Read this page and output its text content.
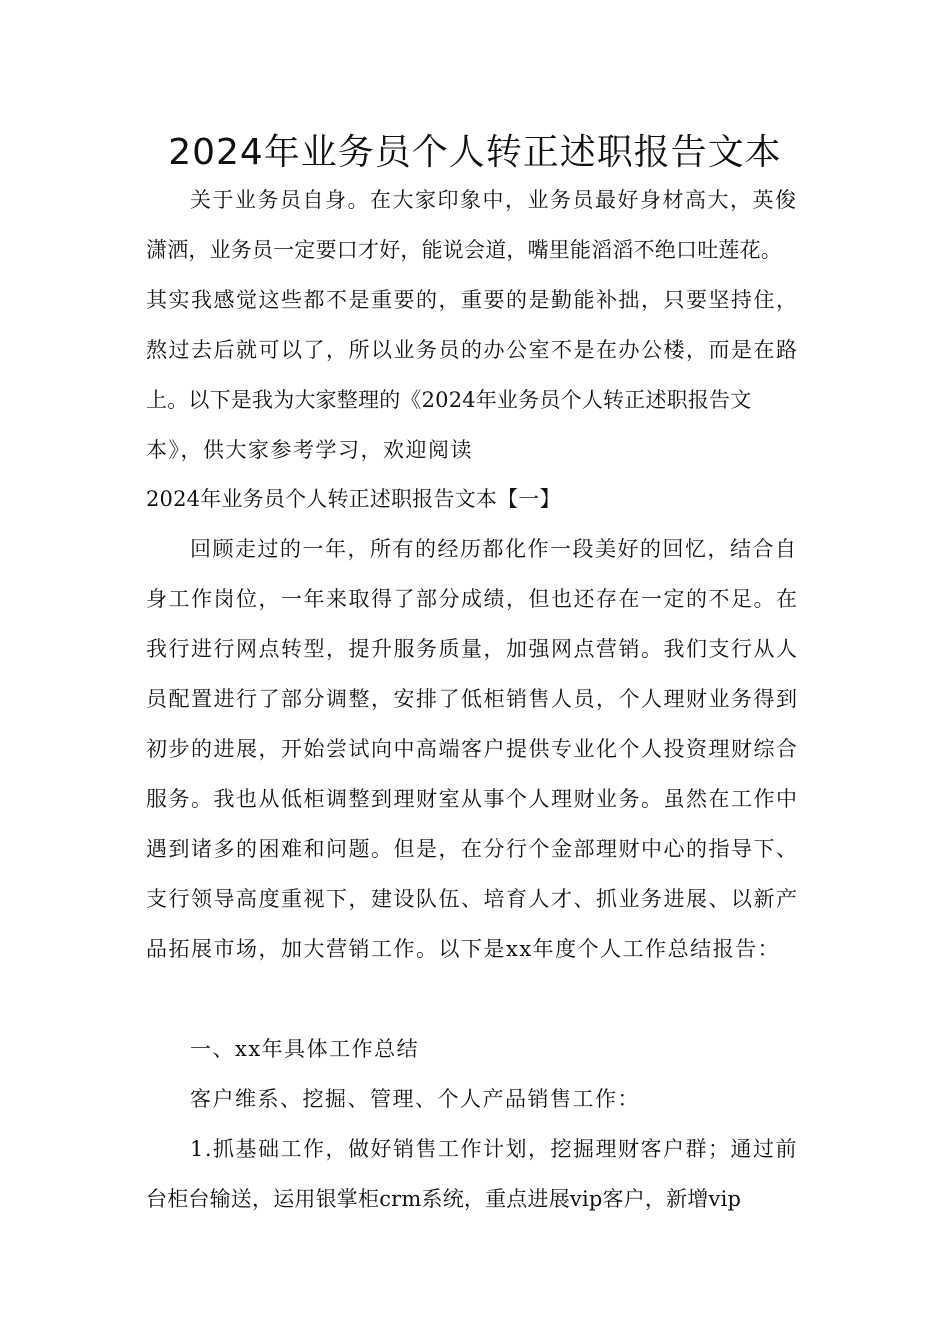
2024年业务员个人转正述职报告文本
关于业务员自身。在大家印象中，业务员最好身材高大，英俊
潇洒，业务员一定要口才好，能说会道，嘴里能滔滔不绝口吐莲花。
其实我感觉这些都不是重要的，重要的是勤能补拙，只要坚持住，
熬过去后就可以了，所以业务员的办公室不是在办公楼，而是在路
上。以下是我为大家整理的《2024年业务员个人转正述职报告文
本》，供大家参考学习，欢迎阅读
2024年业务员个人转正述职报告文本【一】
回顾走过的一年，所有的经历都化作一段美好的回忆，结合自
身工作岗位，一年来取得了部分成绩，但也还存在一定的不足。在
我行进行网点转型，提升服务质量，加强网点营销。我们支行从人
员配置进行了部分调整，安排了低柜销售人员，个人理财业务得到
初步的进展，开始尝试向中高端客户提供专业化个人投资理财综合
服务。我也从低柜调整到理财室从事个人理财业务。虽然在工作中
遇到诸多的困难和问题。但是，在分行个金部理财中心的指导下、
支行领导高度重视下，建设队伍、培育人才、抓业务进展、以新产
品拓展市场，加大营销工作。以下是xx年度个人工作总结报告：
一、xx年具体工作总结
客户维系、挖掘、管理、个人产品销售工作：
1.抓基础工作，做好销售工作计划，挖掘理财客户群；通过前
台柜台输送，运用银掌柜crm系统，重点进展vip客户，新增vip
